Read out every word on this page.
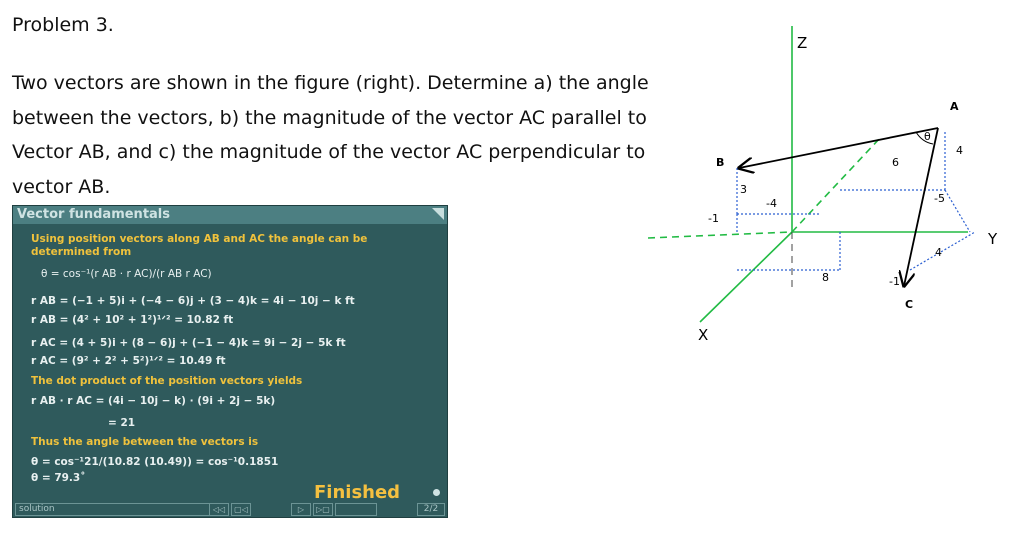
Problem 3.

Two vectors are shown in the figure (right). Determine a) the angle between the vectors, b) the magnitude of the vector AC parallel to Vector AB, and c) the magnitude of the vector AC perpendicular to vector AB.

Vector fundamentals
Using position vectors along AB and AC the angle can be determined from
θ = cos⁻¹(r AB · r AC)/(r AB r AC)
r AB = (−1 + 5)i + (−4 − 6)j + (3 − 4)k = 4i − 10j − k ft
r AB = (4² + 10² + 1²)¹ᐟ² = 10.82 ft
r AC = (4 + 5)i + (8 − 6)j + (−1 − 4)k = 9i − 2j − 5k ft
r AC = (9² + 2² + 5²)¹ᐟ² = 10.49 ft
The dot product of the position vectors yields
r AB · r AC = (4i − 10j − k) · (9i + 2j − 5k)
= 21
Thus the angle between the vectors is
θ = cos⁻¹21/(10.82 (10.49)) = cos⁻¹0.1851
θ = 79.3˚
Finished
solution	◁◁	▢◁	▷	▷▢	2/2
Z
Y
X
A
B
C
θ
3
-4
-1
6
4
-5
4
8	-1
